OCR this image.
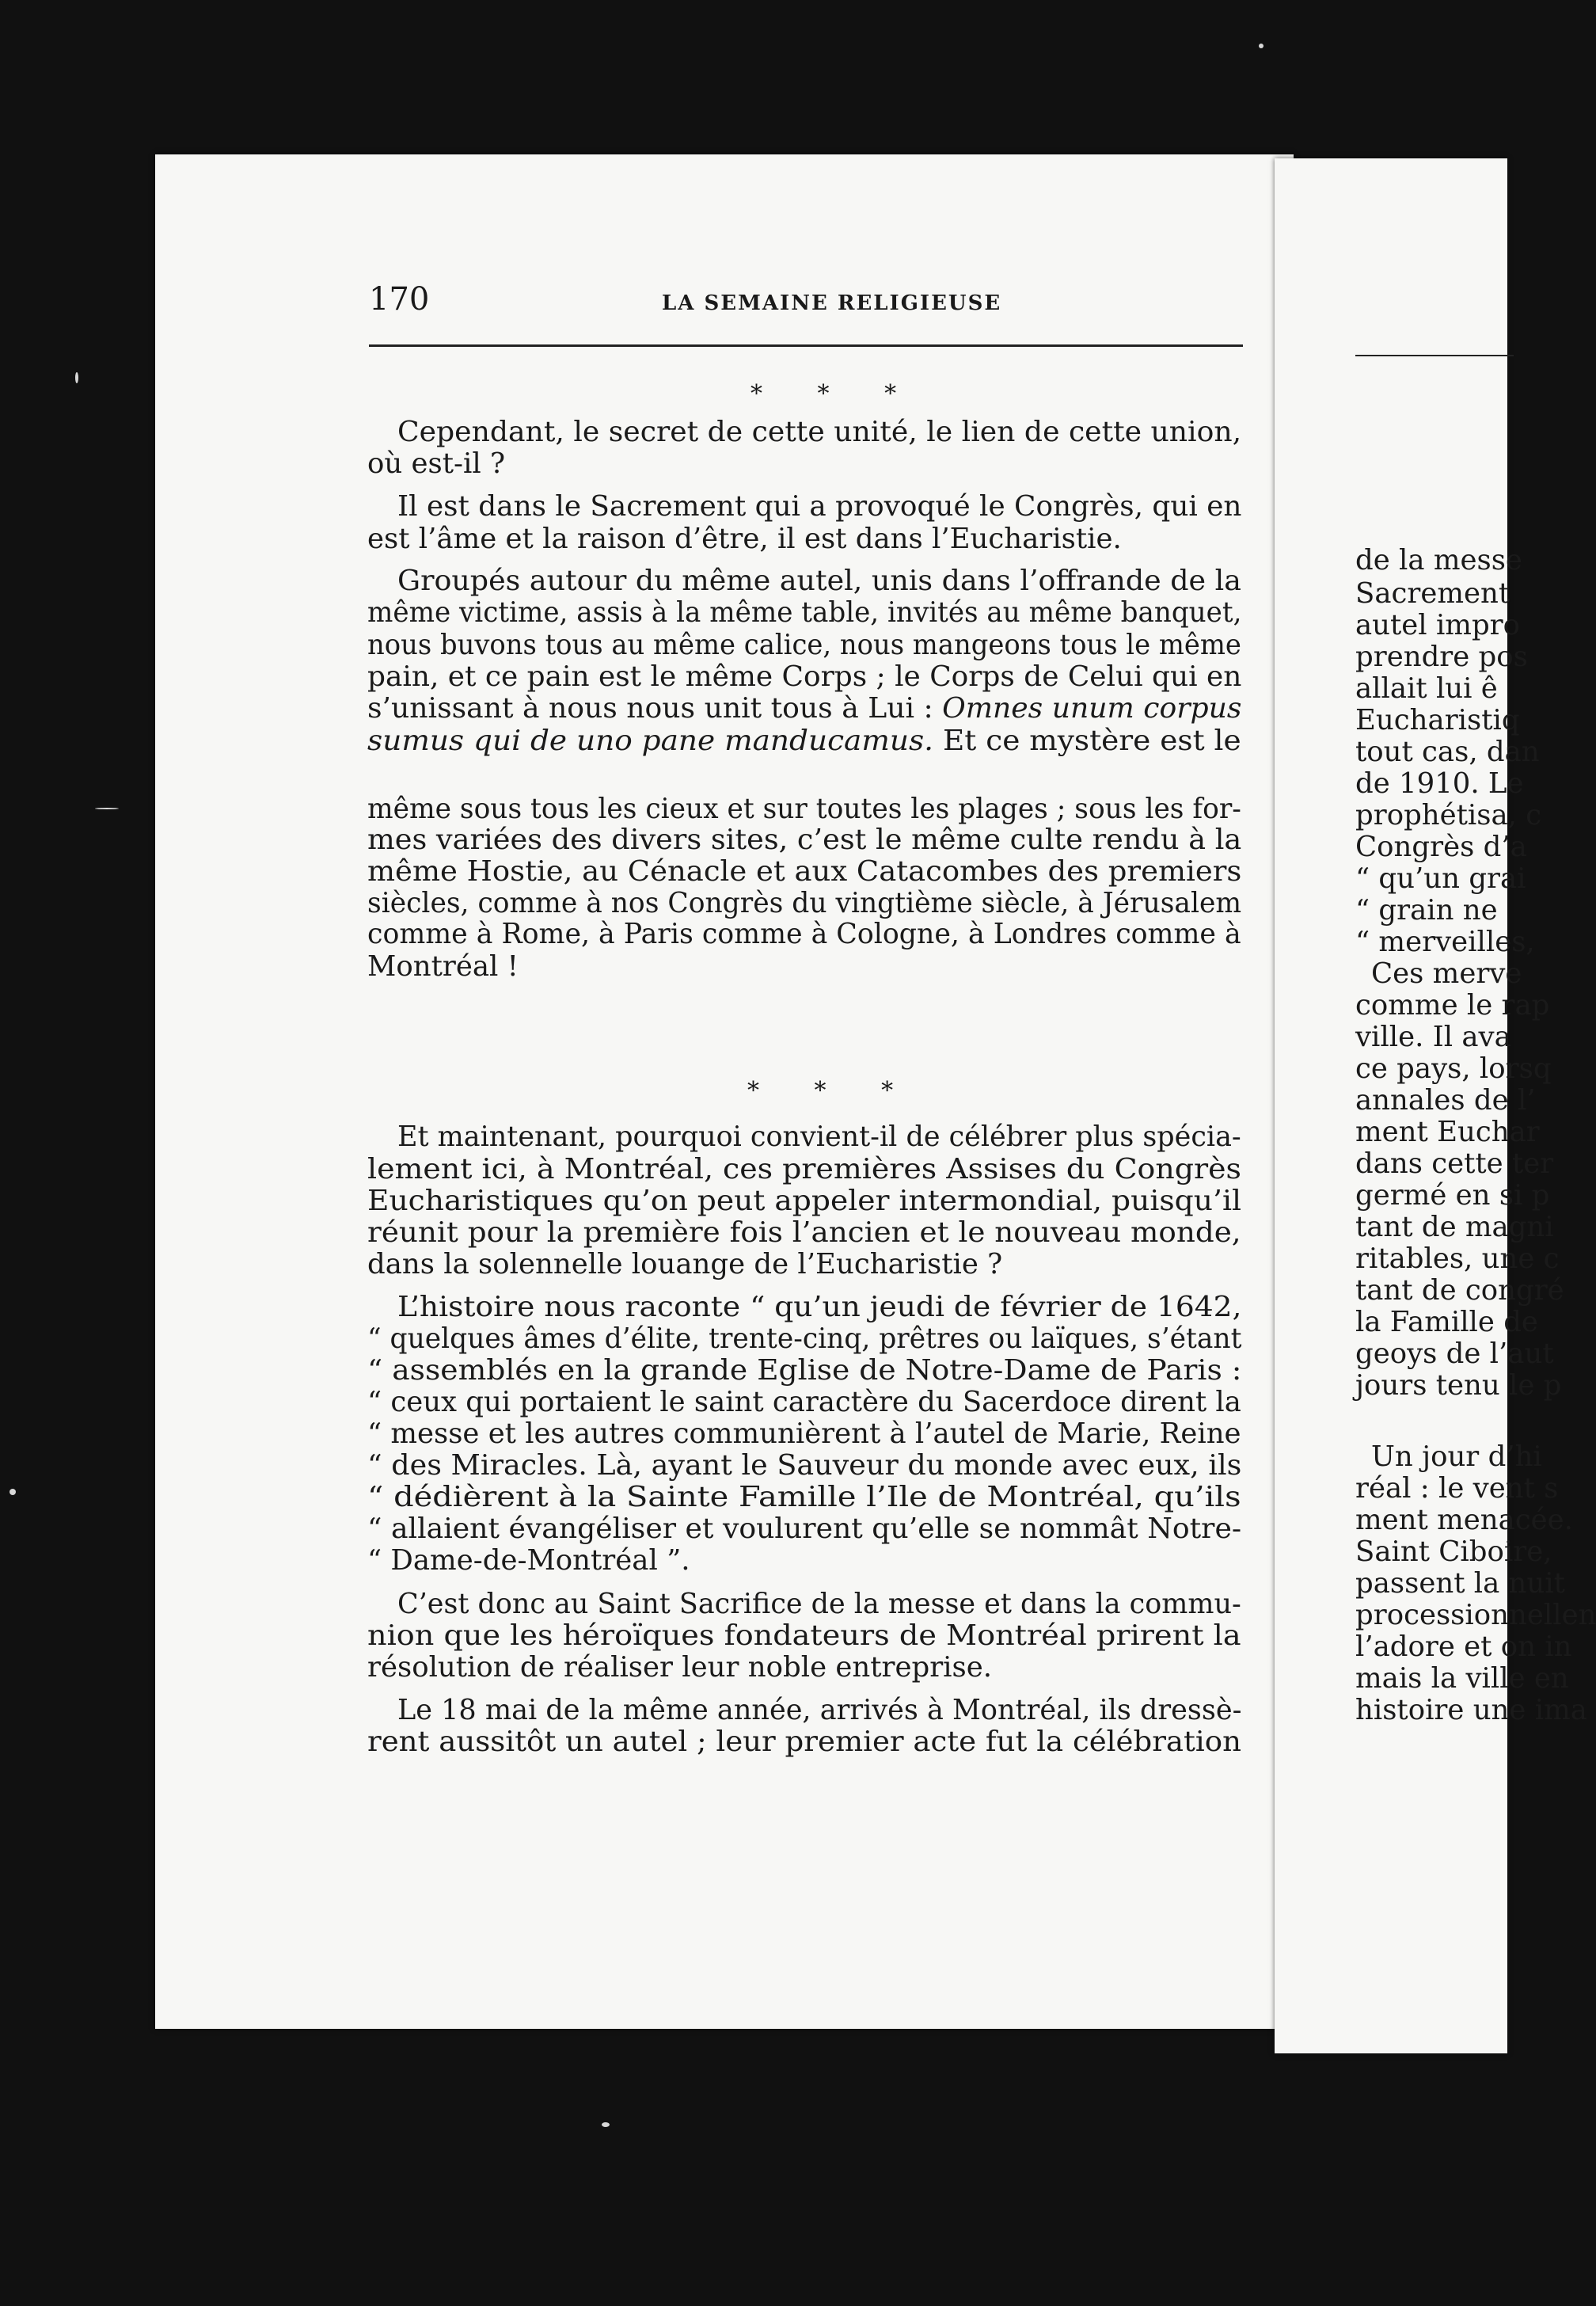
170	LA SEMAINE RELIGIEUSE
* * *
Cependant, le secret de cette unité, le lien de cette union,
où est-il ?
Il est dans le Sacrement qui a provoqué le Congrès, qui en
est l’âme et la raison d’être, il est dans l’Eucharistie.
Groupés autour du même autel, unis dans l’offrande de la
même victime, assis à la même table, invités au même banquet,
nous buvons tous au même calice, nous mangeons tous le même
pain, et ce pain est le même Corps ; le Corps de Celui qui en
s’unissant à nous nous unit tous à Lui : Omnes unum corpus
sumus qui de uno pane manducamus. Et ce mystère est le
même sous tous les cieux et sur toutes les plages ; sous les for-
mes variées des divers sites, c’est le même culte rendu à la
même Hostie, au Cénacle et aux Catacombes des premiers
siècles, comme à nos Congrès du vingtième siècle, à Jérusalem
comme à Rome, à Paris comme à Cologne, à Londres comme à
Montréal !
Et maintenant, pourquoi convient-il de célébrer plus spécia-
lement ici, à Montréal, ces premières Assises du Congrès
Eucharistiques qu’on peut appeler intermondial, puisqu’il
réunit pour la première fois l’ancien et le nouveau monde,
dans la solennelle louange de l’Eucharistie ?
L’histoire nous raconte “ qu’un jeudi de février de 1642,
“ quelques âmes d’élite, trente-cinq, prêtres ou laïques, s’étant
“ assemblés en la grande Eglise de Notre-Dame de Paris :
“ ceux qui portaient le saint caractère du Sacerdoce dirent la
“ messe et les autres communièrent à l’autel de Marie, Reine
“ des Miracles. Là, ayant le Sauveur du monde avec eux, ils
“ dédièrent à la Sainte Famille l’Ile de Montréal, qu’ils
“ allaient évangéliser et voulurent qu’elle se nommât Notre-
“ Dame-de-Montréal ”.
C’est donc au Saint Sacrifice de la messe et dans la commu-
nion que les héroïques fondateurs de Montréal prirent la
résolution de réaliser leur noble entreprise.
Le 18 mai de la même année, arrivés à Montréal, ils dressè-
rent aussitôt un autel ; leur premier acte fut la célébration
* * *
de la messe
Sacrement
autel impro
prendre pos
allait lui ê
Eucharistiq
tout cas, dan
de 1910. Le
prophétisa, c
Congrès d’a
“ qu’un grai
“ grain ne
“ merveilles,
Ces merve
comme le rap
ville. Il ava
ce pays, lorsq
annales de l’
ment Euchar
dans cette ter
germé en si p
tant de magni
ritables, une c
tant de congré
la Famille de
geoys de l’aut
jours tenu le p
Un jour d’hi
réal : le vent s
ment menacée.
Saint Ciboire,
passent la nuit
processionnellen
l’adore et on in
mais la ville en
histoire une ima
